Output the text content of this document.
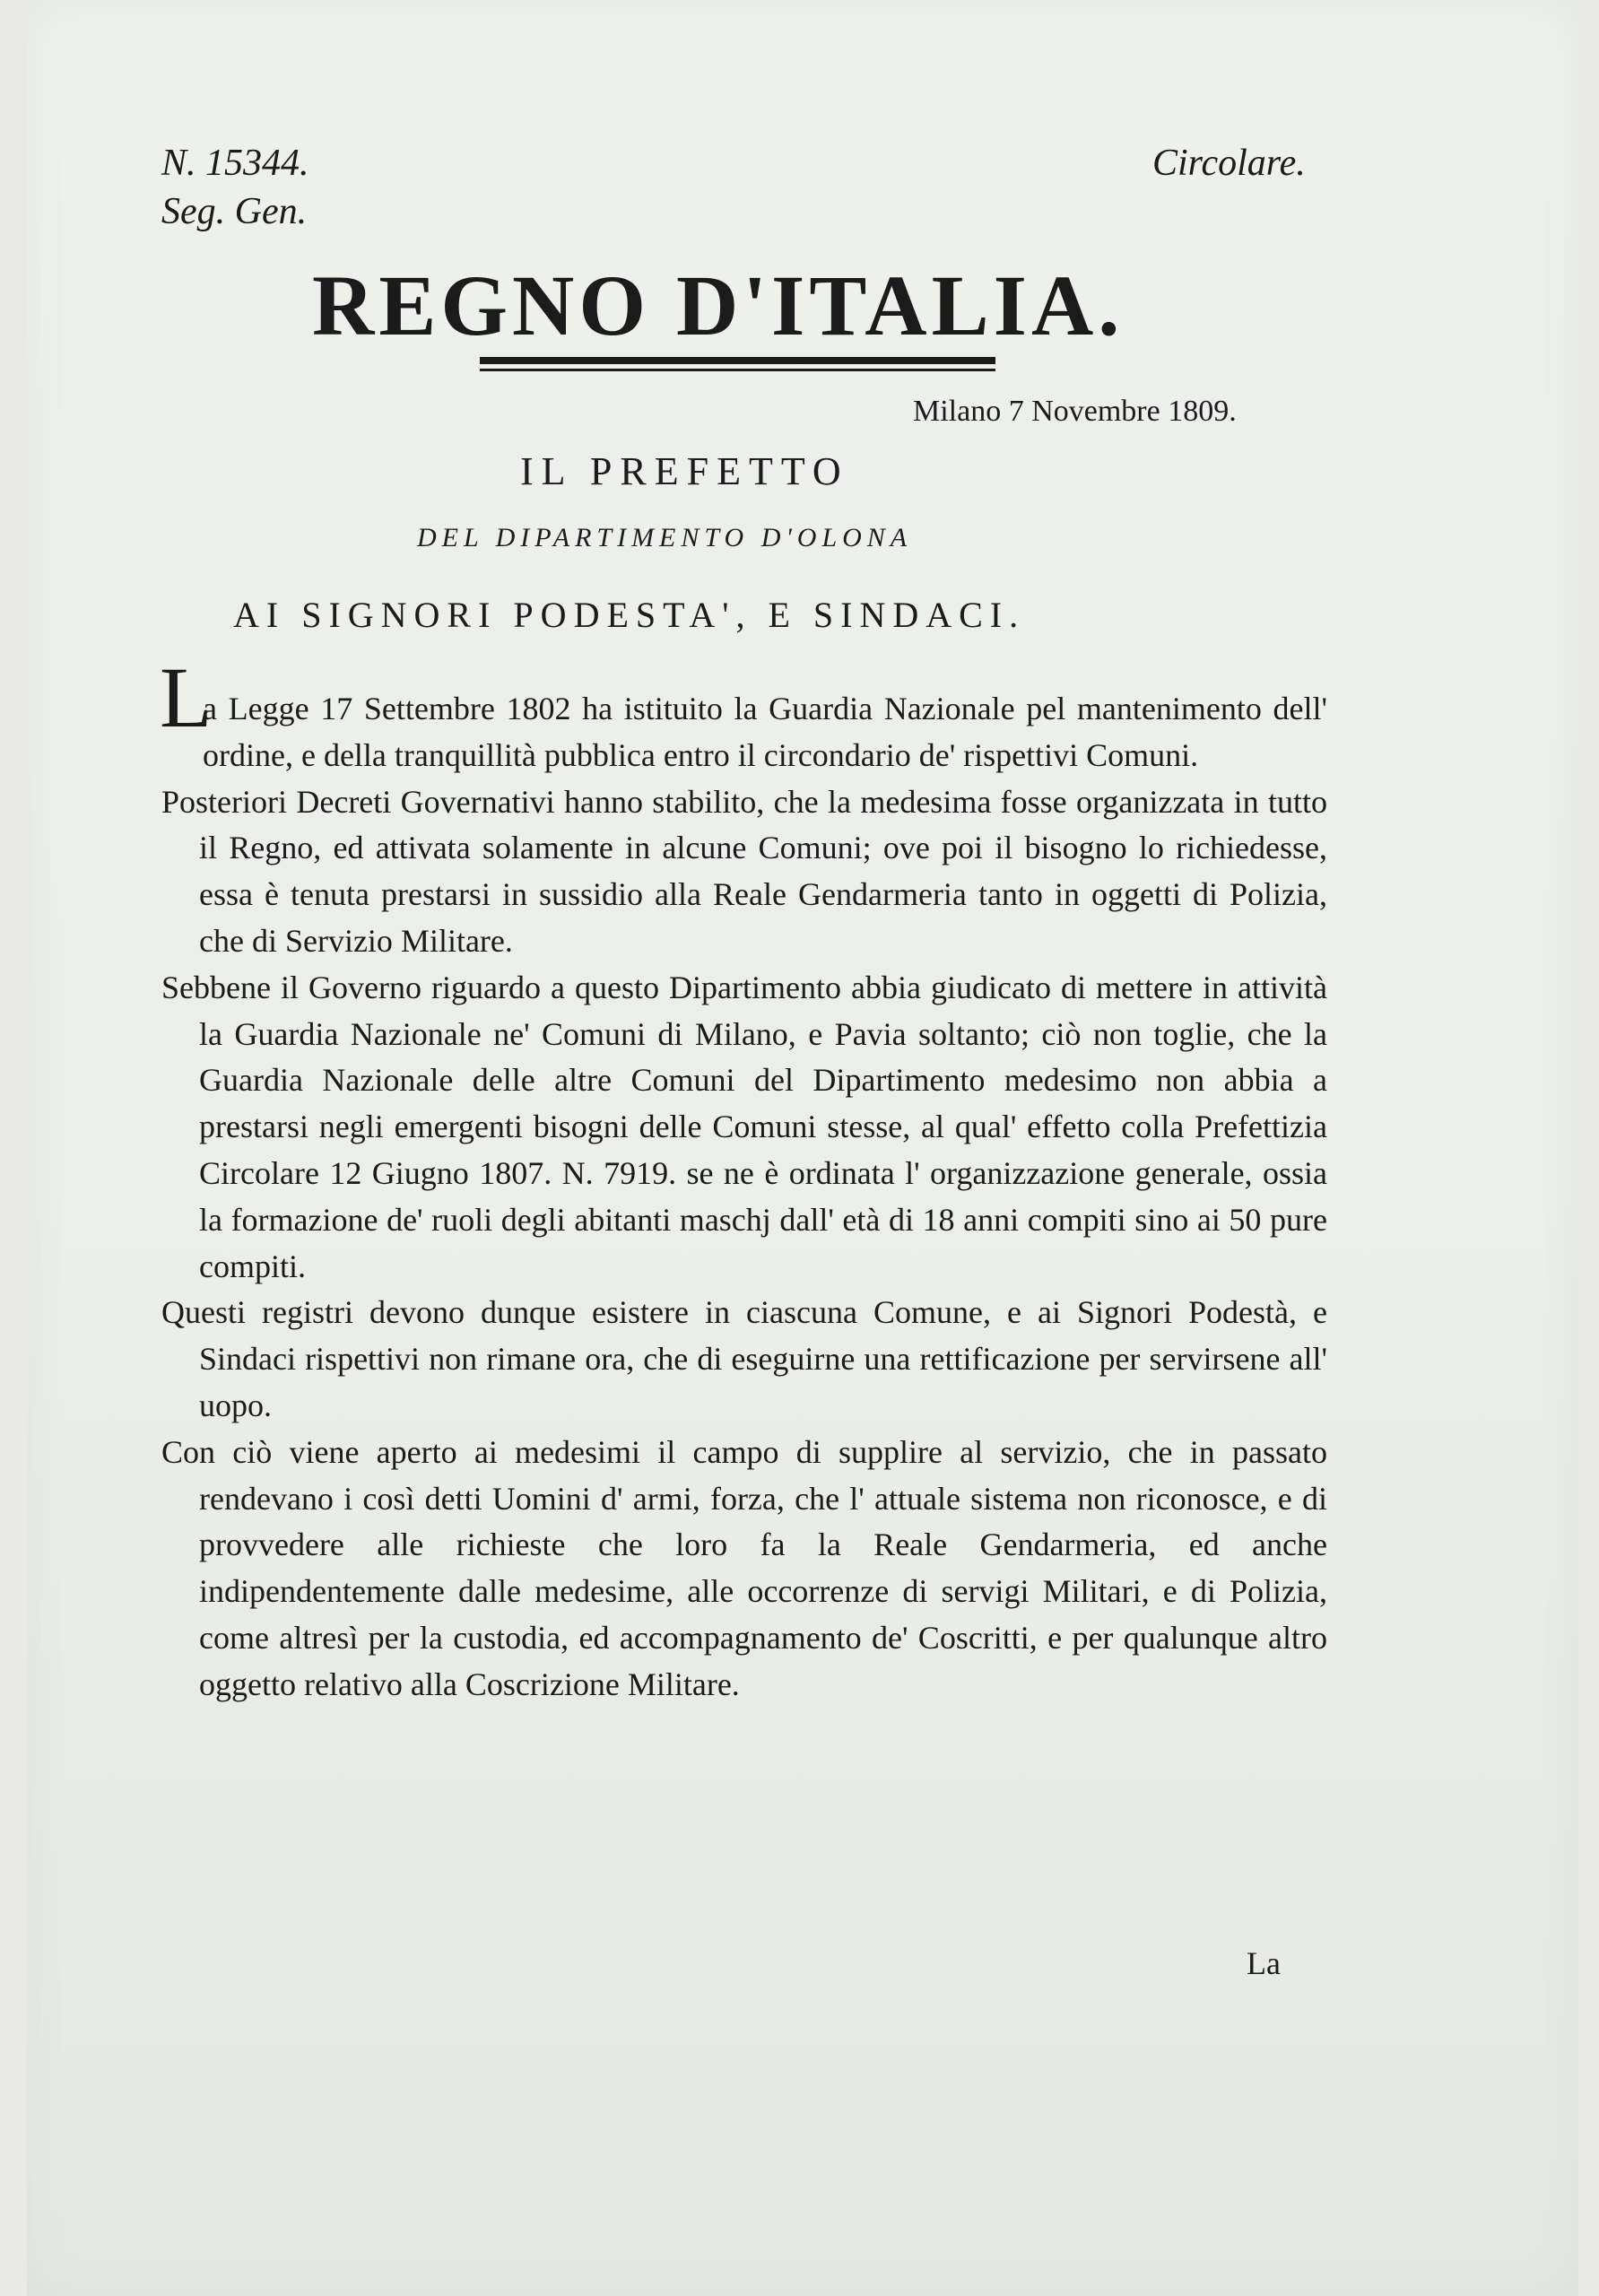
N. 15344.
Seg. Gen.
Circolare.
REGNO D'ITALIA.
Milano 7 Novembre 1809.
IL PREFETTO
DEL DIPARTIMENTO D'OLONA
AI SIGNORI PODESTA', E SINDACI.
L

a Legge 17 Settembre 1802 ha istituito la Guardia Nazionale pel mantenimento dell' ordine, e della tranquillità pubblica entro il circondario de' rispettivi Comuni.

Posteriori Decreti Governativi hanno stabilito, che la medesima fosse organizzata in tutto il Regno, ed attivata solamente in alcune Comuni; ove poi il bisogno lo richiedesse, essa è tenuta prestarsi in sussidio alla Reale Gendarmeria tanto in oggetti di Polizia, che di Servizio Militare.

Sebbene il Governo riguardo a questo Dipartimento abbia giudicato di mettere in attività la Guardia Nazionale ne' Comuni di Milano, e Pavia soltanto; ciò non toglie, che la Guardia Nazionale delle altre Comuni del Dipartimento medesimo non abbia a prestarsi negli emergenti bisogni delle Comuni stesse, al qual' effetto colla Prefettizia Circolare 12 Giugno 1807. N. 7919. se ne è ordinata l' organizzazione generale, ossia la formazione de' ruoli degli abitanti maschj dall' età di 18 anni compiti sino ai 50 pure compiti.

Questi registri devono dunque esistere in ciascuna Comune, e ai Signori Podestà, e Sindaci rispettivi non rimane ora, che di eseguirne una rettificazione per servirsene all' uopo.

Con ciò viene aperto ai medesimi il campo di supplire al servizio, che in passato rendevano i così detti Uomini d' armi, forza, che l' attuale sistema non riconosce, e di provvedere alle richieste che loro fa la Reale Gendarmeria, ed anche indipendentemente dalle medesime, alle occorrenze di servigi Militari, e di Polizia, come altresì per la custodia, ed accompagnamento de' Coscritti, e per qualunque altro oggetto relativo alla Coscrizione Militare.

La
